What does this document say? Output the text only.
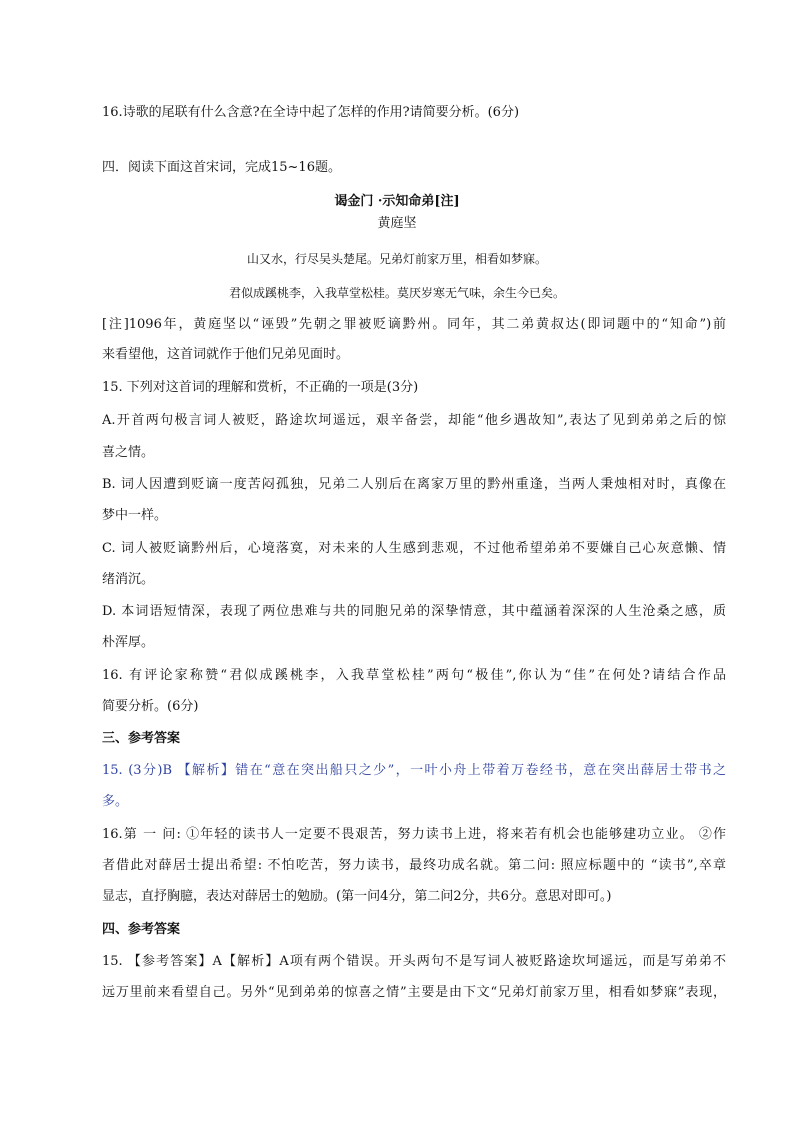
16.诗歌的尾联有什么含意?在全诗中起了怎样的作用?请简要分析。(6分)
四．阅读下面这首宋词，完成15~16题。
谒金门 ·示知命弟[注]
黄庭坚
山又水，行尽吴头楚尾。兄弟灯前家万里，相看如梦寐。
君似成蹊桃李，入我草堂松桂。莫厌岁寒无气味，余生今已矣。
[注]1096年，黄庭坚以“诬毁”先朝之罪被贬谪黔州。同年，其二弟黄叔达(即词题中的“知命”)前
来看望他，这首词就作于他们兄弟见面时。
15. 下列对这首词的理解和赏析，不正确的一项是(3分)
A.开首两句极言词人被贬，路途坎坷遥远，艰辛备尝，却能“他乡遇故知”,表达了见到弟弟之后的惊
喜之情。
B. 词人因遭到贬谪一度苦闷孤独，兄弟二人别后在离家万里的黔州重逢，当两人秉烛相对时，真像在
梦中一样。
C. 词人被贬谪黔州后，心境落寞，对未来的人生感到悲观，不过他希望弟弟不要嫌自己心灰意懒、情
绪消沉。
D. 本词语短情深，表现了两位患难与共的同胞兄弟的深挚情意，其中蕴涵着深深的人生沧桑之感，质
朴浑厚。
16. 有评论家称赞“君似成蹊桃李，入我草堂松桂”两句“极佳”,你认为“佳”在何处?请结合作品
简要分析。(6分)
三、参考答案
15. (3分)B 【解析】错在“意在突出船只之少”，一叶小舟上带着万卷经书，意在突出薛居士带书之
多。
16.第 一 问: ①年轻的读书人一定要不畏艰苦，努力读书上进，将来若有机会也能够建功立业。 ②作
者借此对薛居士提出希望: 不怕吃苦，努力读书，最终功成名就。第二问: 照应标题中的 “读书”,卒章
显志，直抒胸臆，表达对薛居士的勉励。(第一问4分，第二问2分，共6分。意思对即可。)
四、参考答案
15. 【参考答案】A【解析】A项有两个错误。开头两句不是写词人被贬路途坎坷遥远，而是写弟弟不
远万里前来看望自己。另外“见到弟弟的惊喜之情”主要是由下文“兄弟灯前家万里，相看如梦寐”表现，
